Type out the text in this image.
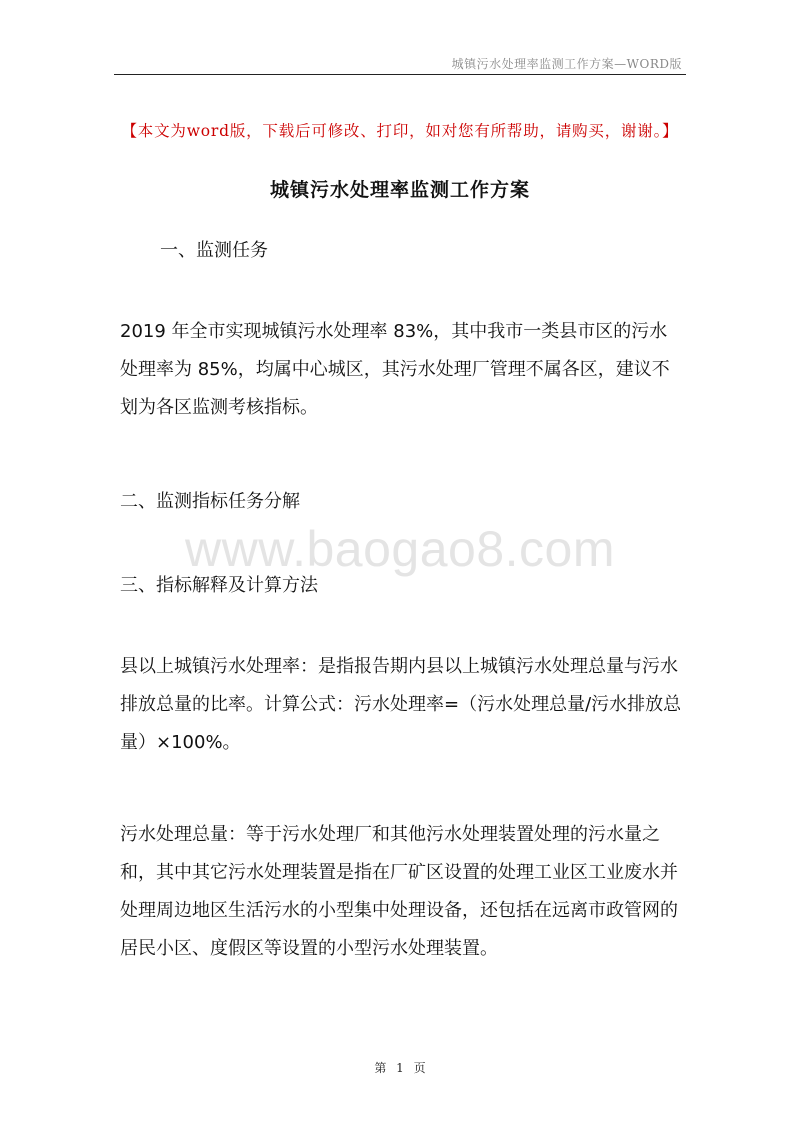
城镇污水处理率监测工作方案—WORD版
【本文为word版，下载后可修改、打印，如对您有所帮助，请购买，谢谢。】
城镇污水处理率监测工作方案
www.baogao8.com

一、监测任务

2019 年全市实现城镇污水处理率 83%，其中我市一类县市区的污水处理率为 85%，均属中心城区，其污水处理厂管理不属各区，建议不划为各区监测考核指标。

二、监测指标任务分解

三、指标解释及计算方法

县以上城镇污水处理率：是指报告期内县以上城镇污水处理总量与污水排放总量的比率。计算公式：污水处理率=（污水处理总量/污水排放总量）×100%。

污水处理总量：等于污水处理厂和其他污水处理装置处理的污水量之和，其中其它污水处理装置是指在厂矿区设置的处理工业区工业废水并处理周边地区生活污水的小型集中处理设备，还包括在远离市政管网的居民小区、度假区等设置的小型污水处理装置。

第 1 页
